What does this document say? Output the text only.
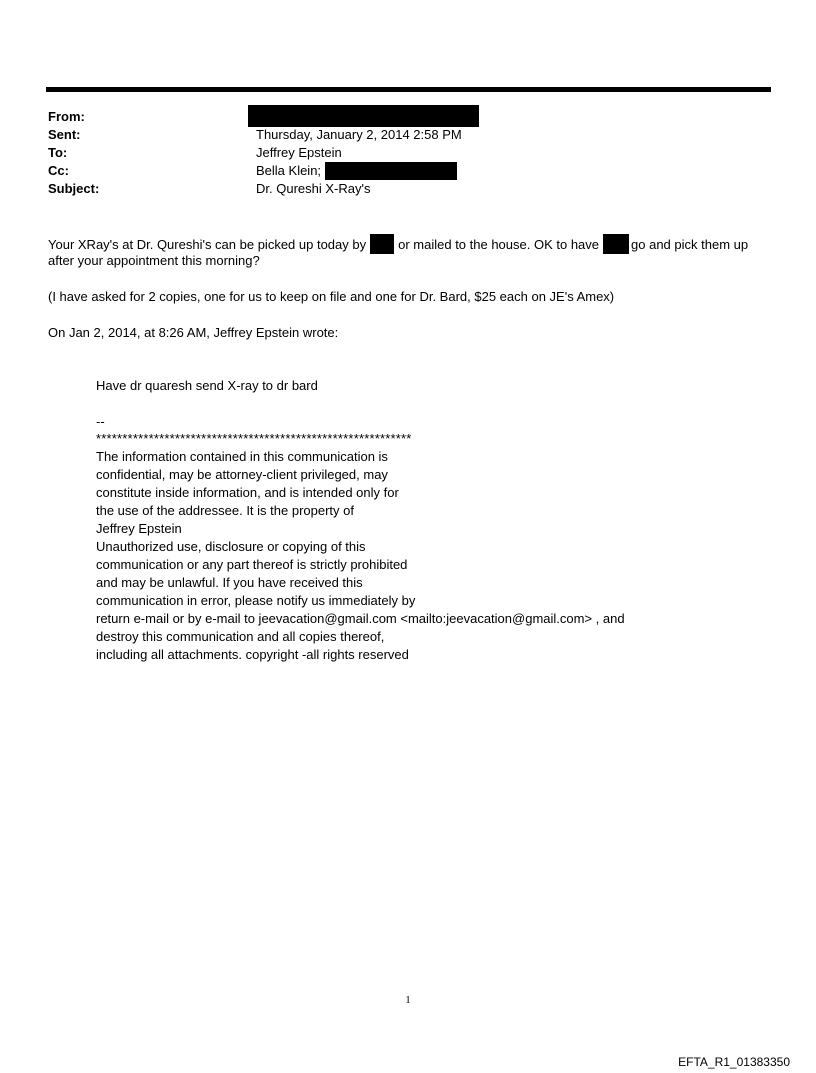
From:
Sent:
To:
Cc:
Subject:
Thursday, January 2, 2014 2:58 PM
Jeffrey Epstein
Bella Klein;
Dr. Qureshi X-Ray's
Your XRay's at Dr. Qureshi's can be picked up today by or mailed to the house. OK to have go and pick them up
after your appointment this morning?
(I have asked for 2 copies, one for us to keep on file and one for Dr. Bard, $25 each on JE's Amex)
On Jan 2, 2014, at 8:26 AM, Jeffrey Epstein wrote:
Have dr quaresh send X-ray to dr bard
--
************************************************************
The information contained in this communication is
confidential, may be attorney-client privileged, may
constitute inside information, and is intended only for
the use of the addressee. It is the property of
Jeffrey Epstein
Unauthorized use, disclosure or copying of this
communication or any part thereof is strictly prohibited
and may be unlawful. If you have received this
communication in error, please notify us immediately by
return e-mail or by e-mail to jeevacation@gmail.com <mailto:jeevacation@gmail.com> , and
destroy this communication and all copies thereof,
including all attachments. copyright -all rights reserved
1
EFTA_R1_01383350
